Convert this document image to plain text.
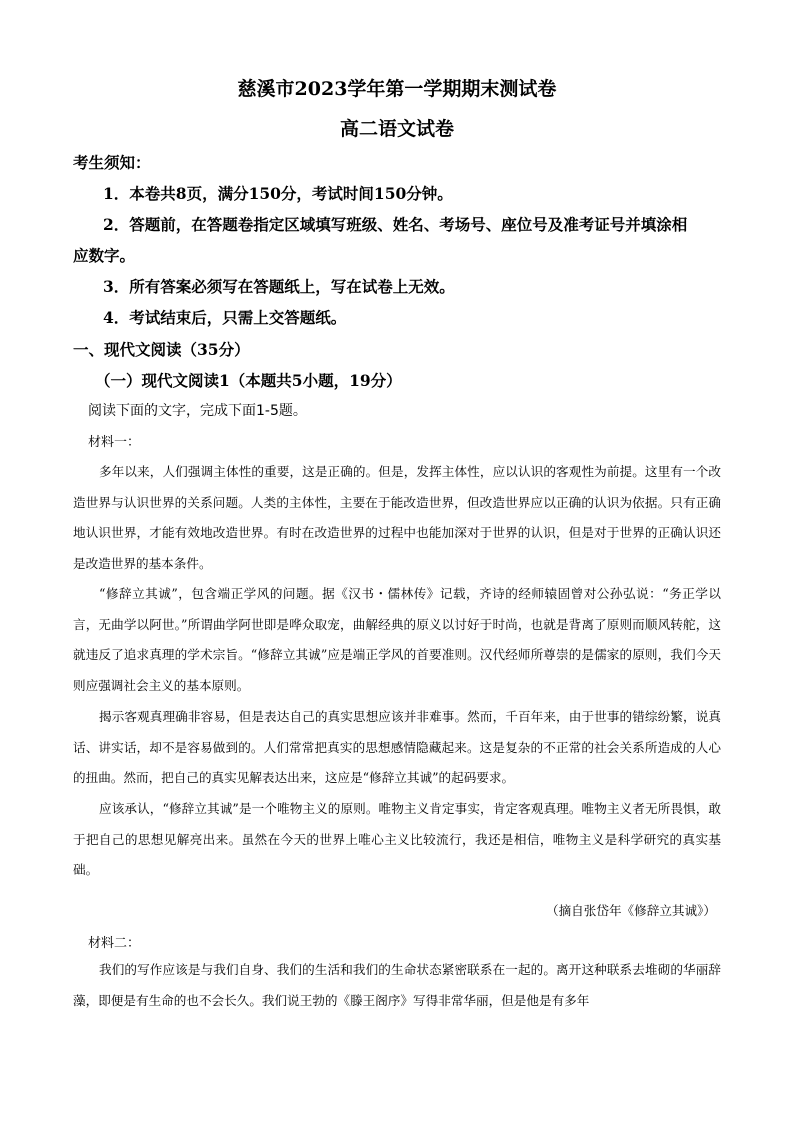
慈溪市2023学年第一学期期末测试卷
高二语文试卷
考生须知：
1．本卷共8页，满分150分，考试时间150分钟。
2．答题前，在答题卷指定区域填写班级、姓名、考场号、座位号及准考证号并填涂相
应数字。
3．所有答案必须写在答题纸上，写在试卷上无效。
4．考试结束后，只需上交答题纸。
一、现代文阅读（35分）
（一）现代文阅读1（本题共5小题，19分）
阅读下面的文字，完成下面1-5题。
材料一：

多年以来，人们强调主体性的重要，这是正确的。但是，发挥主体性，应以认识的客观性为前提。这里有一个改造世界与认识世界的关系问题。人类的主体性，主要在于能改造世界，但改造世界应以正确的认识为依据。只有正确地认识世界，才能有效地改造世界。有时在改造世界的过程中也能加深对于世界的认识，但是对于世界的正确认识还是改造世界的基本条件。

“修辞立其诚”，包含端正学风的问题。据《汉书・儒林传》记载，齐诗的经师辕固曾对公孙弘说：“务正学以言，无曲学以阿世。”所谓曲学阿世即是哗众取宠，曲解经典的原义以讨好于时尚，也就是背离了原则而顺风转舵，这就违反了追求真理的学术宗旨。“修辞立其诚”应是端正学风的首要准则。汉代经师所尊崇的是儒家的原则，我们今天则应强调社会主义的基本原则。

揭示客观真理确非容易，但是表达自己的真实思想应该并非难事。然而，千百年来，由于世事的错综纷繁，说真话、讲实话，却不是容易做到的。人们常常把真实的思想感情隐藏起来。这是复杂的不正常的社会关系所造成的人心的扭曲。然而，把自己的真实见解表达出来，这应是“修辞立其诚”的起码要求。

应该承认，“修辞立其诚”是一个唯物主义的原则。唯物主义肯定事实，肯定客观真理。唯物主义者无所畏惧，敢于把自己的思想见解亮出来。虽然在今天的世界上唯心主义比较流行，我还是相信，唯物主义是科学研究的真实基础。

（摘自张岱年《修辞立其诚》）
材料二：

我们的写作应该是与我们自身、我们的生活和我们的生命状态紧密联系在一起的。离开这种联系去堆砌的华丽辞藻，即便是有生命的也不会长久。我们说王勃的《滕王阁序》写得非常华丽，但是他是有多年
